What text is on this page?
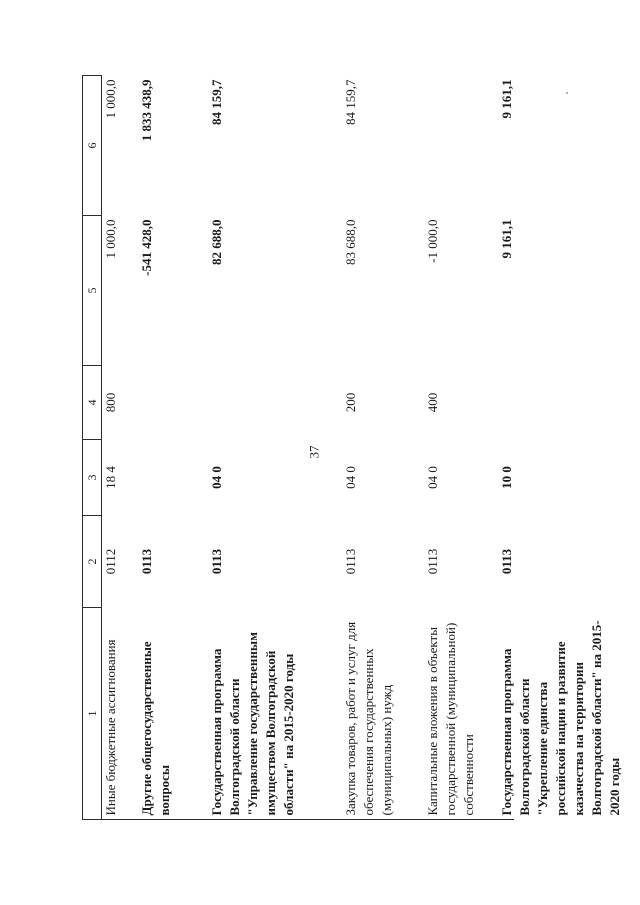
37
1	2	3	4	5	6
Иные бюджетные ассигнования	0112	18 4	800	1 000,0	1 000,0
Другие общегосударственные вопросы	0113			-541 428,0	1 833 438,9
Государственная программа Волгоградской области "Управление государственным имуществом Волгоградской области" на 2015-2020 годы	0113	04 0		82 688,0	84 159,7
Закупка товаров, работ и услуг для обеспечения государственных (муниципальных) нужд	0113	04 0	200	83 688,0	84 159,7
Капитальные вложения в объекты государственной (муниципальной) собственности	0113	04 0	400	-1 000,0	
Государственная программа Волгоградской области "Укрепление единства российской нации и развитие казачества на территории Волгоградской области" на 2015-2020 годы	0113	10 0		9 161,1	9 161,1
